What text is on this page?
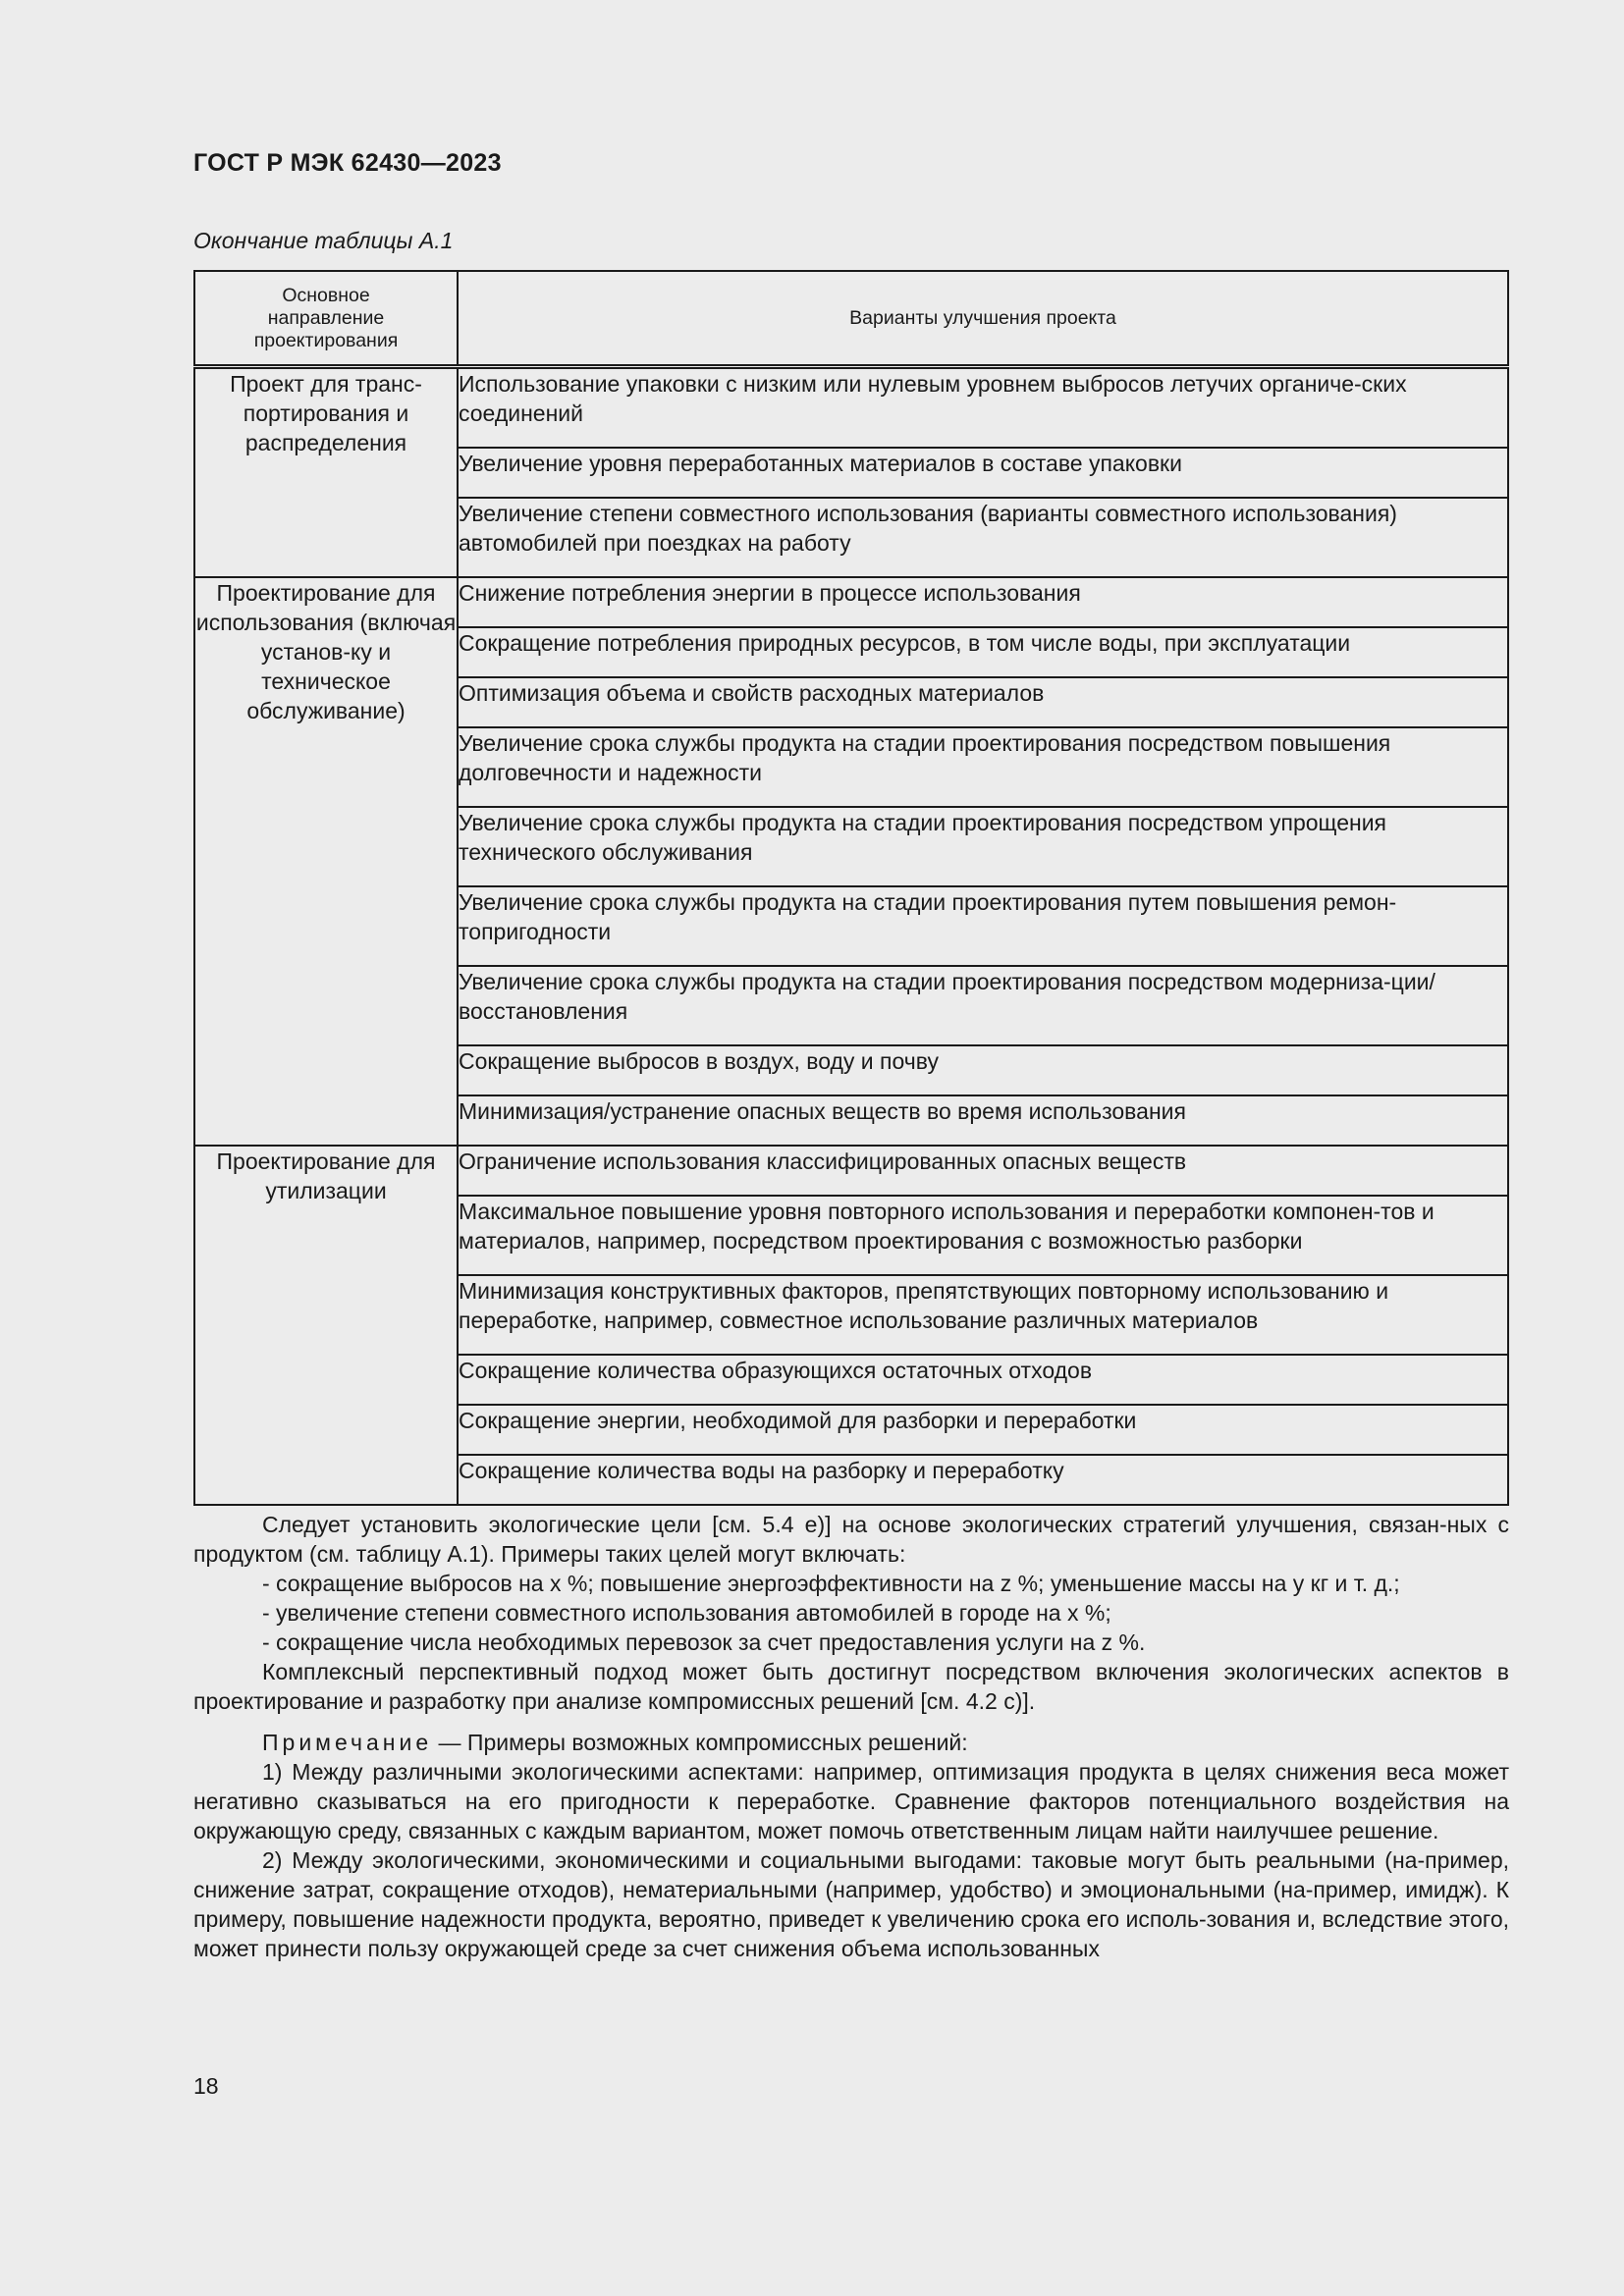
ГОСТ Р МЭК 62430—2023
Окончание таблицы А.1
Основное направление проектирования	Варианты улучшения проекта
Проект для транс-портирования и распределения	Использование упаковки с низким или нулевым уровнем выбросов летучих органиче-ских соединений
	Увеличение уровня переработанных материалов в составе упаковки
	Увеличение степени совместного использования (варианты совместного использования) автомобилей при поездках на работу
Проектирование для использования (включая установ-ку и техническое обслуживание)	Снижение потребления энергии в процессе использования
	Сокращение потребления природных ресурсов, в том числе воды, при эксплуатации
	Оптимизация объема и свойств расходных материалов
	Увеличение срока службы продукта на стадии проектирования посредством повышения долговечности и надежности
	Увеличение срока службы продукта на стадии проектирования посредством упрощения технического обслуживания
	Увеличение срока службы продукта на стадии проектирования путем повышения ремон-топригодности
	Увеличение срока службы продукта на стадии проектирования посредством модерниза-ции/восстановления
	Сокращение выбросов в воздух, воду и почву
	Минимизация/устранение опасных веществ во время использования
Проектирование для утилизации	Ограничение использования классифицированных опасных веществ
	Максимальное повышение уровня повторного использования и переработки компонен-тов и материалов, например, посредством проектирования с возможностью разборки
	Минимизация конструктивных факторов, препятствующих повторному использованию и переработке, например, совместное использование различных материалов
	Сокращение количества образующихся остаточных отходов
	Сокращение энергии, необходимой для разборки и переработки
	Сокращение количества воды на разборку и переработку

Следует установить экологические цели [см. 5.4 е)] на основе экологических стратегий улучшения, связан-ных с продуктом (см. таблицу А.1). Примеры таких целей могут включать:

- сокращение выбросов на x %; повышение энергоэффективности на z %; уменьшение массы на y кг и т. д.;

- увеличение степени совместного использования автомобилей в городе на x %;

- сокращение числа необходимых перевозок за счет предоставления услуги на z %.

Комплексный перспективный подход может быть достигнут посредством включения экологических аспектов в проектирование и разработку при анализе компромиссных решений [см. 4.2 с)].

Примечание — Примеры возможных компромиссных решений:

1) Между различными экологическими аспектами: например, оптимизация продукта в целях снижения веса может негативно сказываться на его пригодности к переработке. Сравнение факторов потенциального воздействия на окружающую среду, связанных с каждым вариантом, может помочь ответственным лицам найти наилучшее решение.

2) Между экологическими, экономическими и социальными выгодами: таковые могут быть реальными (на-пример, снижение затрат, сокращение отходов), нематериальными (например, удобство) и эмоциональными (на-пример, имидж). К примеру, повышение надежности продукта, вероятно, приведет к увеличению срока его исполь-зования и, вследствие этого, может принести пользу окружающей среде за счет снижения объема использованных

18
